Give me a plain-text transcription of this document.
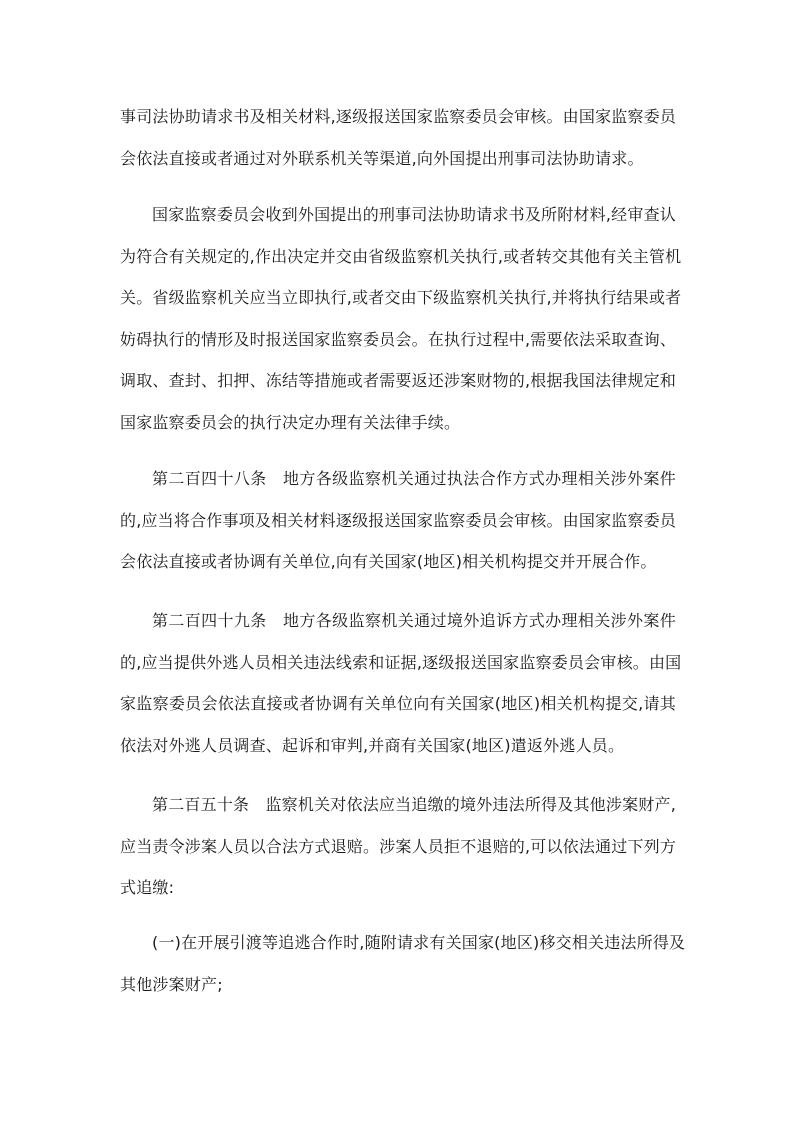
事司法协助请求书及相关材料,逐级报送国家监察委员会审核。由国家监察委员
会依法直接或者通过对外联系机关等渠道,向外国提出刑事司法协助请求。
国家监察委员会收到外国提出的刑事司法协助请求书及所附材料,经审查认
为符合有关规定的,作出决定并交由省级监察机关执行,或者转交其他有关主管机
关。省级监察机关应当立即执行,或者交由下级监察机关执行,并将执行结果或者
妨碍执行的情形及时报送国家监察委员会。在执行过程中,需要依法采取查询、
调取、查封、扣押、冻结等措施或者需要返还涉案财物的,根据我国法律规定和
国家监察委员会的执行决定办理有关法律手续。
第二百四十八条　地方各级监察机关通过执法合作方式办理相关涉外案件
的,应当将合作事项及相关材料逐级报送国家监察委员会审核。由国家监察委员
会依法直接或者协调有关单位,向有关国家(地区)相关机构提交并开展合作。
第二百四十九条　地方各级监察机关通过境外追诉方式办理相关涉外案件
的,应当提供外逃人员相关违法线索和证据,逐级报送国家监察委员会审核。由国
家监察委员会依法直接或者协调有关单位向有关国家(地区)相关机构提交,请其
依法对外逃人员调查、起诉和审判,并商有关国家(地区)遣返外逃人员。
第二百五十条　监察机关对依法应当追缴的境外违法所得及其他涉案财产,
应当责令涉案人员以合法方式退赔。涉案人员拒不退赔的,可以依法通过下列方
式追缴:
(一)在开展引渡等追逃合作时,随附请求有关国家(地区)移交相关违法所得及
其他涉案财产;
